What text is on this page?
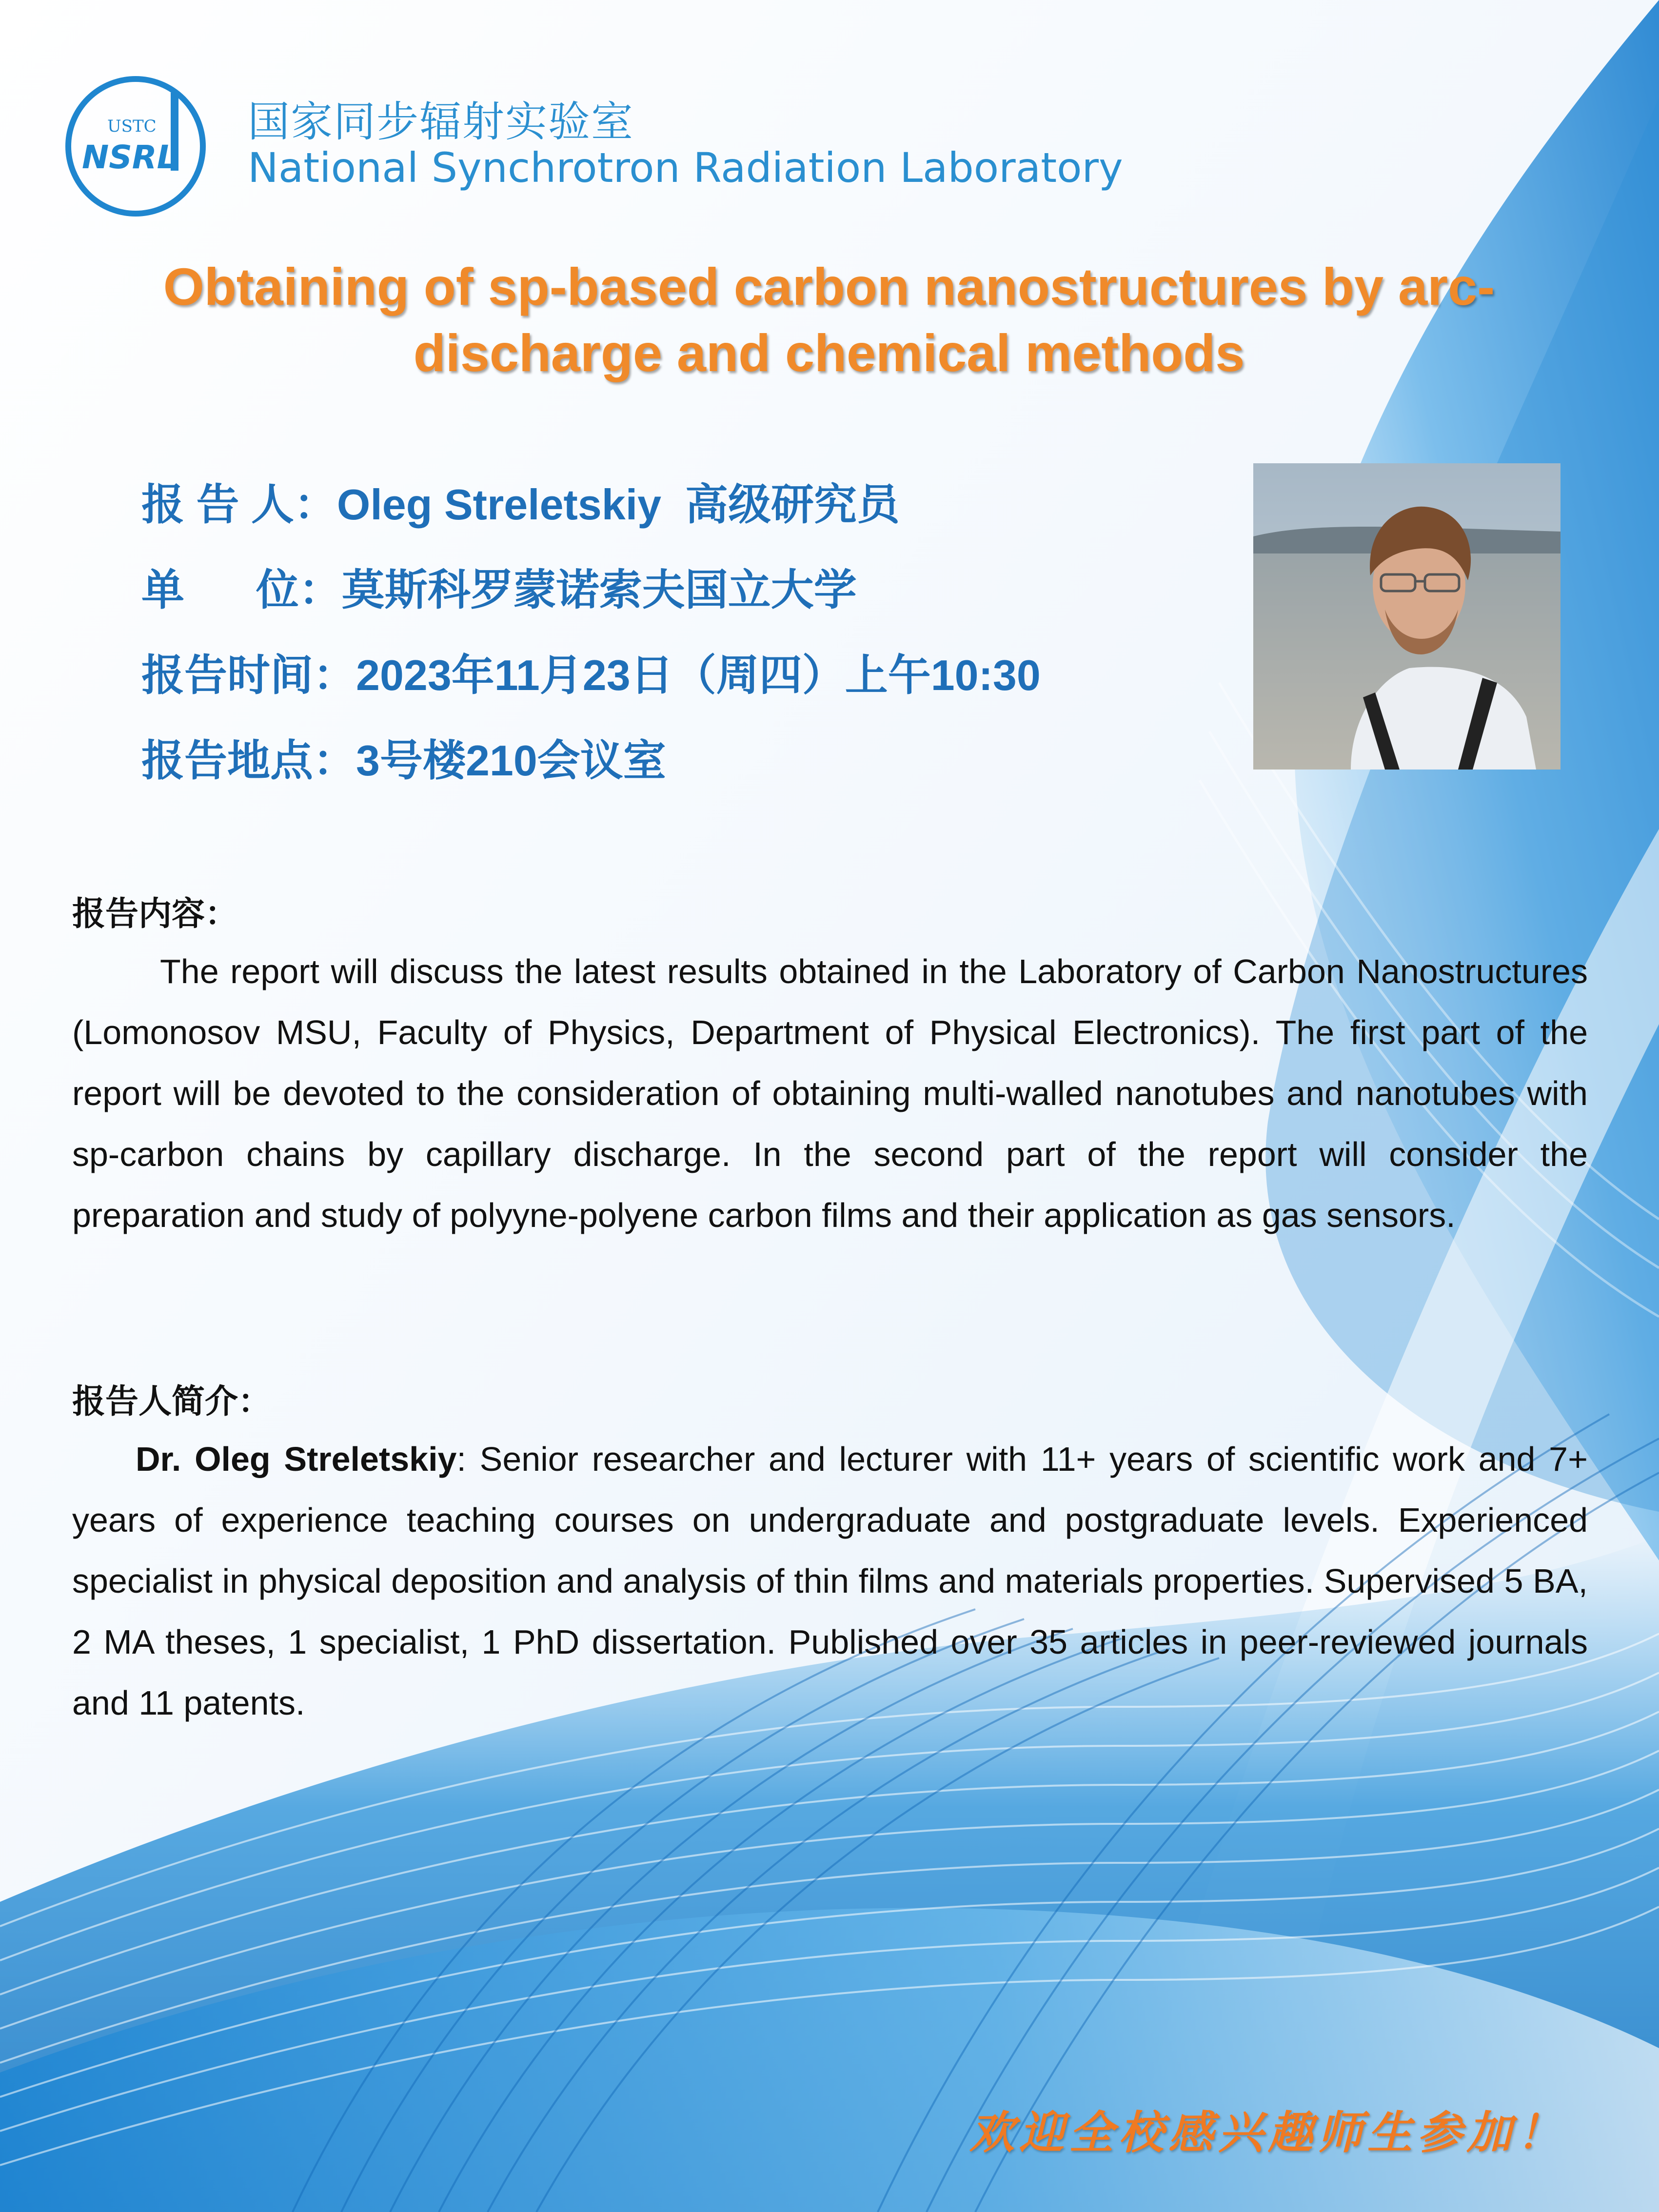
USTC
NSRL
国家同步辐射实验室
National Synchrotron Radiation Laboratory
Obtaining of sp-based carbon nanostructures by arc-discharge and chemical methods
报 告 人：Oleg Streletskiy  高级研究员
单      位：莫斯科罗蒙诺索夫国立大学
报告时间：2023年11月23日（周四）上午10:30
报告地点：3号楼210会议室
报告内容：
The report will discuss the latest results obtained in the Laboratory of Carbon Nanostructures (Lomonosov MSU, Faculty of Physics, Department of Physical Electronics). The first part of the report will be devoted to the consideration of obtaining multi-walled nanotubes and nanotubes with sp-carbon chains by capillary discharge. In the second part of the report will consider the preparation and study of polyyne-polyene carbon films and their application as gas sensors.
报告人简介：
Dr. Oleg Streletskiy: Senior researcher and lecturer with 11+ years of scientific work and 7+ years of experience teaching courses on undergraduate and postgraduate levels. Experienced specialist in physical deposition and analysis of thin films and materials properties. Supervised 5 BA, 2 MA theses, 1 specialist, 1 PhD dissertation. Published over 35 articles in peer-reviewed journals and 11 patents.
欢迎全校感兴趣师生参加！
